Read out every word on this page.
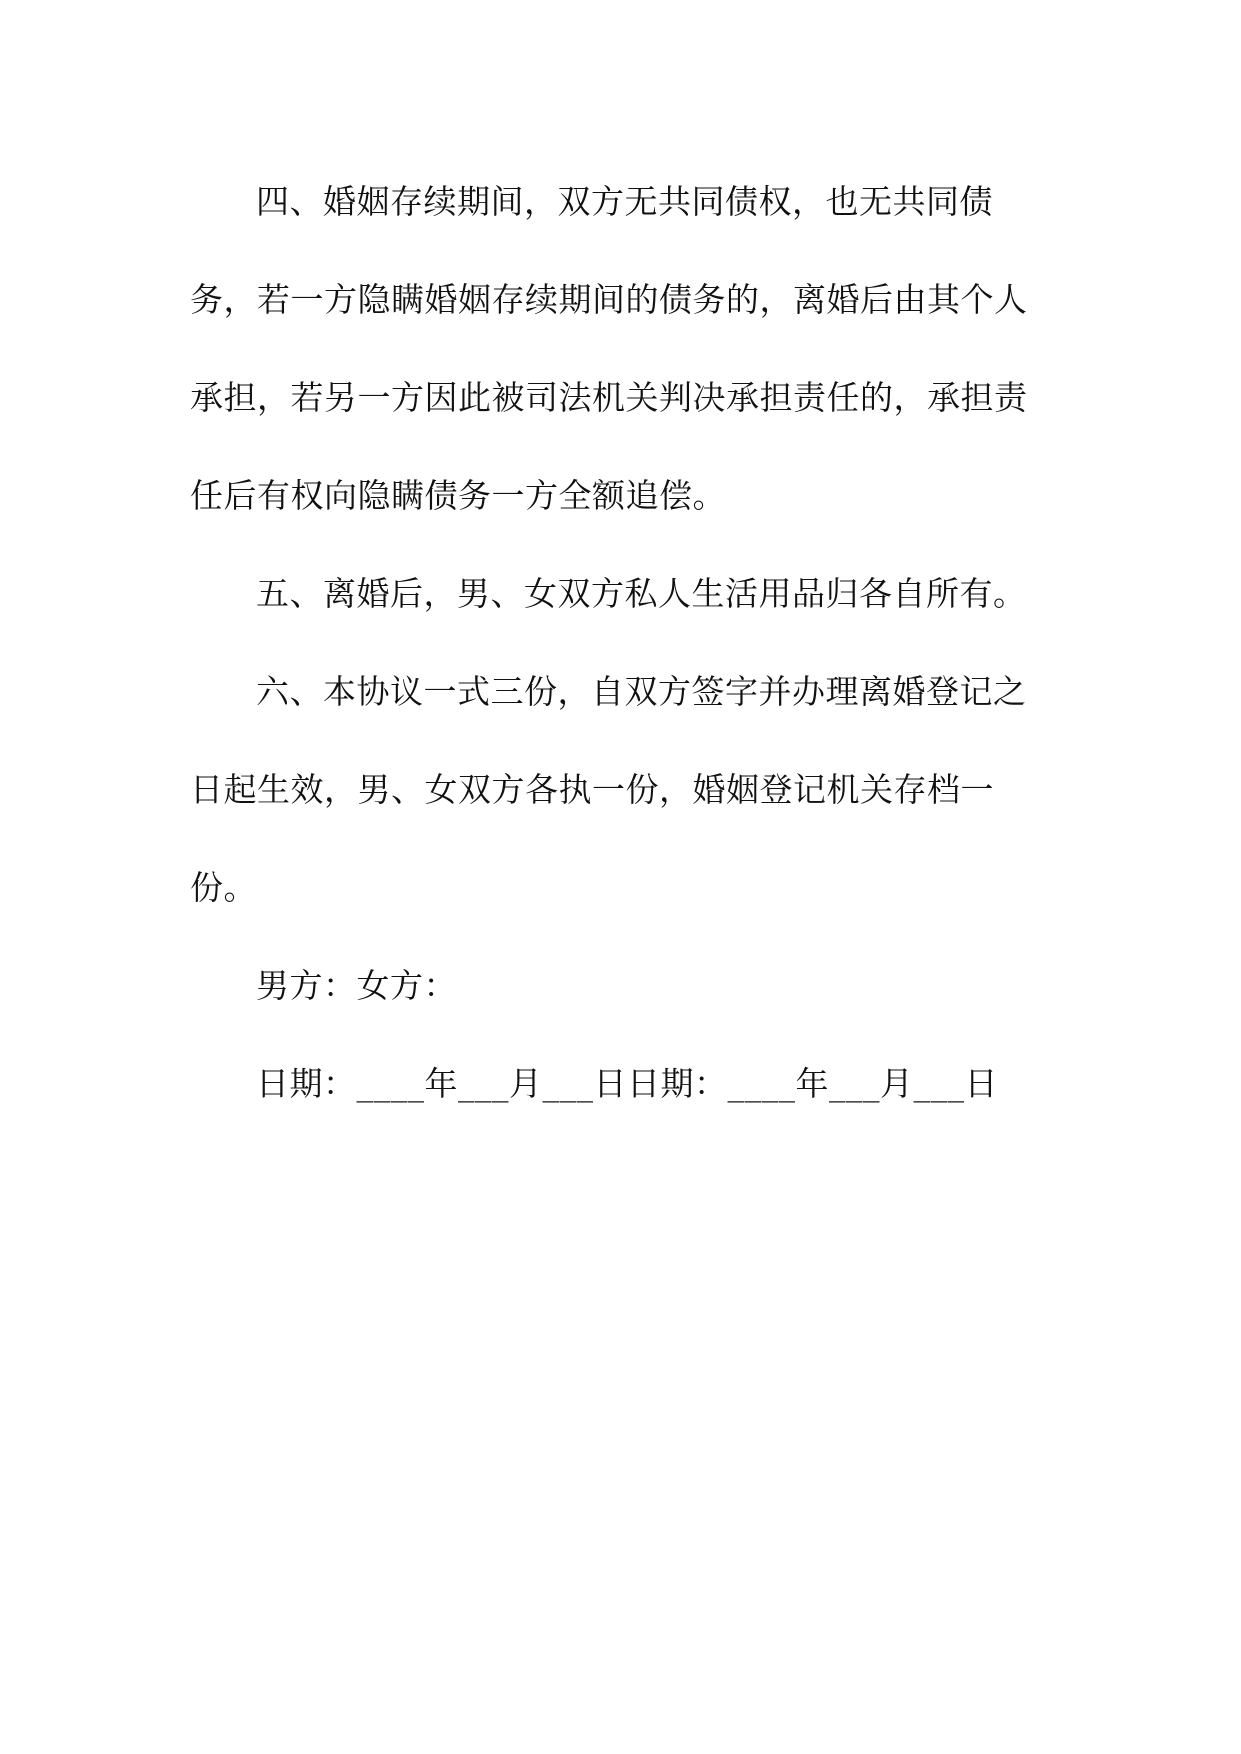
四、婚姻存续期间，双方无共同债权，也无共同债
务，若一方隐瞒婚姻存续期间的债务的，离婚后由其个人
承担，若另一方因此被司法机关判决承担责任的，承担责
任后有权向隐瞒债务一方全额追偿。
五、离婚后，男、女双方私人生活用品归各自所有。
六、本协议一式三份，自双方签字并办理离婚登记之
日起生效，男、女双方各执一份，婚姻登记机关存档一
份。
男方：女方：
日期：____年___月___日日期：____年___月___日
